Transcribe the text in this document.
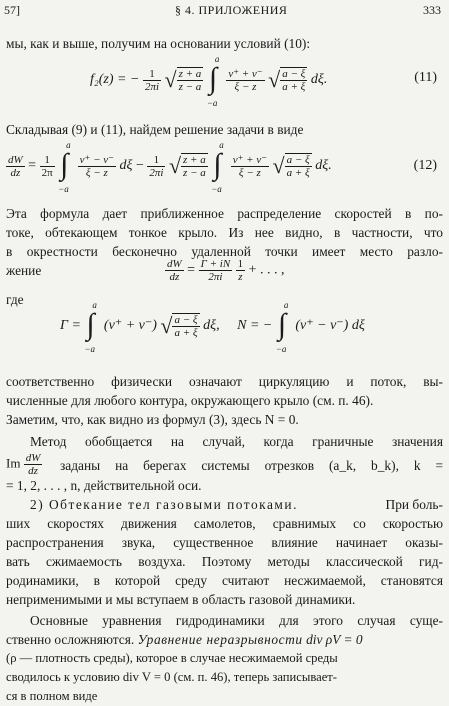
57]	§ 4. ПРИЛОЖЕНИЯ	333
мы, как и выше, получим на основании условий (10):
f₂(z) = − $\frac{1}{2\pi i}$ √ $\frac{z + a}{z - a}$
∫
a
−a

$\frac{v^+ + v^-}{\xi - z}$ √ $\frac{a - \xi}{a + \xi} d\xi$.	(11)
Складывая (9) и (11), найдем решение задачи в виде
$\frac{dW}{dz} = \frac{1}{2\pi}$
∫
a
−a

$\frac{v^+ - v^-}{\xi - z}$ $d\xi - \frac{1}{2\pi i}$ √ $\frac{z + a}{z - a}$
∫
a
−a

$\frac{v^+ + v^-}{\xi - z}$ √ $\frac{a - \xi}{a + \xi} d\xi$.	(12)
Эта формула дает приближенное распределение скоростей в по-
токе, обтекающем тонкое крыло. Из нее видно, в частности, что
в окрестности бесконечно удаленной точки имеет место разло-
жение	$\frac{dW}{dz} = \frac{\Gamma + iN}{2\pi i}$
$\frac{1}{z}$ + . . . ,
где
Γ = ∫
a
−a
(v⁺ + v⁻) √ $\frac{a - \xi}{a + \xi} d\xi$, N = − ∫
a
−a
(v⁺ − v⁻) dξ
соответственно физически означают циркуляцию и поток, вы-
численные для любого контура, окружающего крыло (см. п. 46).
Заметим, что, как видно из формул (3), здесь N = 0.
Метод обобщается на случай, когда граничные значения
Im $\frac{dW}{dz}$ заданы на берегах системы отрезков (a_k, b_k), k =
= 1, 2, . . . , n, действительной оси.
2) Обтекание тел газовыми потоками.	При боль-
ших скоростях движения самолетов, сравнимых со скоростью
распространения звука, существенное влияние начинает оказы-
вать сжимаемость воздуха. Поэтому методы классической гид-
родинамики, в которой среду считают несжимаемой, становятся
неприменимыми и мы вступаем в область газовой динамики.
Основные уравнения гидродинамики для этого случая суще-
ственно осложняются. Уравнение неразрывности div ρV = 0
(ρ — плотность среды), которое в случае несжимаемой среды
сводилось к условию div V = 0 (см. п. 46), теперь записывает-
ся в полном виде
